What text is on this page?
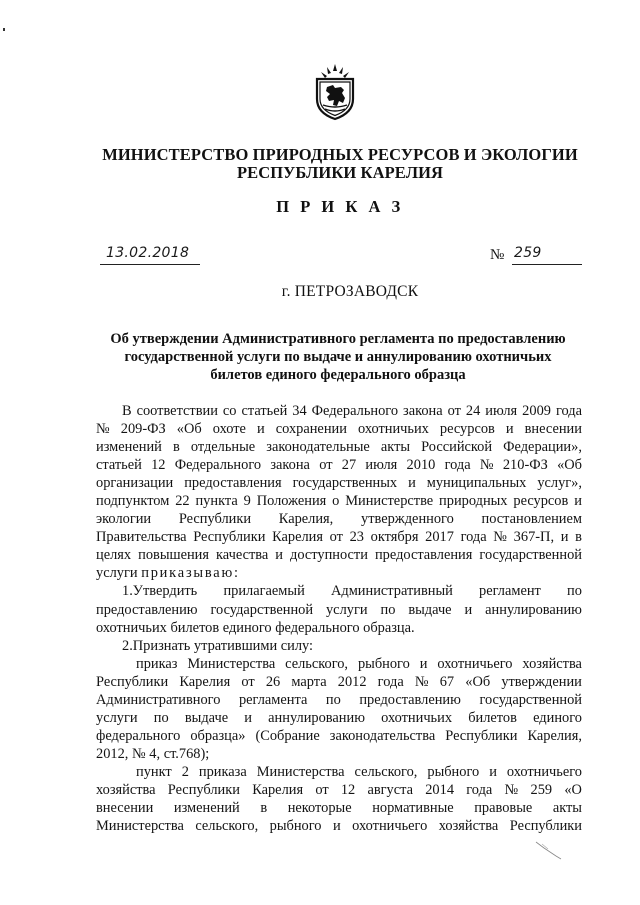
МИНИСТЕРСТВО ПРИРОДНЫХ РЕСУРСОВ И ЭКОЛОГИИ
РЕСПУБЛИКИ КАРЕЛИЯ
П Р И К А З
13.02.2018	№ 259
г. ПЕТРОЗАВОДСК
Об утверждении Административного регламента по предоставлению
государственной услуги по выдаче и аннулированию охотничьих
билетов единого федерального образца
В соответствии со статьей 34 Федерального закона от 24 июля 2009 года
№ 209-ФЗ «Об охоте и сохранении охотничьих ресурсов и внесении
изменений в отдельные законодательные акты Российской Федерации»,
статьей 12 Федерального закона от 27 июля 2010 года № 210-ФЗ «Об
организации предоставления государственных и муниципальных услуг»,
подпунктом 22 пункта 9 Положения о Министерстве природных ресурсов и
экологии Республики Карелия, утвержденного постановлением
Правительства Республики Карелия от 23 октября 2017 года № 367-П, и в
целях повышения качества и доступности предоставления государственной
услуги
приказываю:
1.Утвердить прилагаемый Административный регламент по
предоставлению государственной услуги по выдаче и аннулированию
охотничьих билетов единого федерального образца.
2.Признать утратившими силу:
приказ Министерства сельского, рыбного и охотничьего хозяйства
Республики Карелия от 26 марта 2012 года № 67 «Об утверждении
Административного регламента по предоставлению государственной
услуги по выдаче и аннулированию охотничьих билетов единого
федерального образца» (Собрание законодательства Республики Карелия,
2012, № 4, ст.768);
пункт 2 приказа Министерства сельского, рыбного и охотничьего
хозяйства Республики Карелия от 12 августа 2014 года № 259 «О
внесении изменений в некоторые нормативные правовые акты
Министерства сельского, рыбного и охотничьего хозяйства Республики
